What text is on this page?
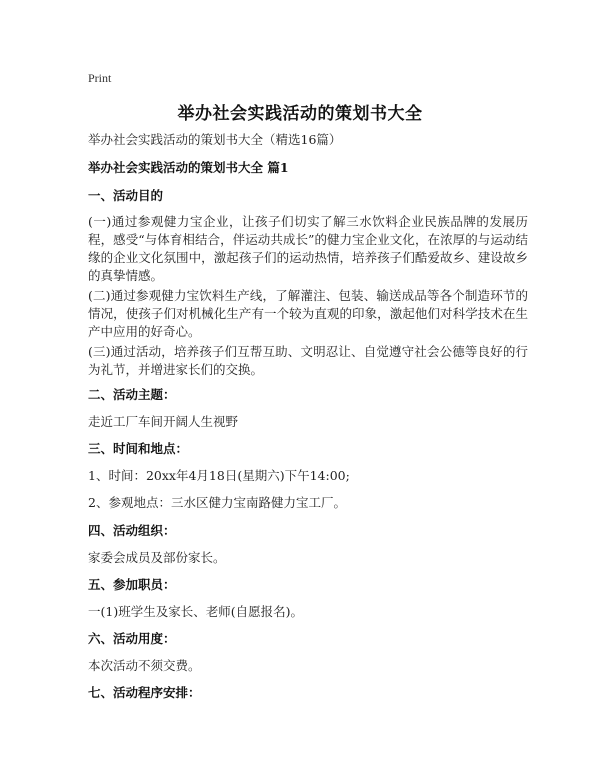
Print
举办社会实践活动的策划书大全
举办社会实践活动的策划书大全（精选16篇）
举办社会实践活动的策划书大全 篇1
一、活动目的
(一)通过参观健力宝企业，让孩子们切实了解三水饮料企业民族品牌的发展历程，感受“与体育相结合，伴运动共成长”的健力宝企业文化，在浓厚的与运动结缘的企业文化氛围中，激起孩子们的运动热情，培养孩子们酷爱故乡、建设故乡的真挚情感。
(二)通过参观健力宝饮料生产线，了解灌注、包装、输送成品等各个制造环节的情况，使孩子们对机械化生产有一个较为直观的印象，激起他们对科学技术在生产中应用的好奇心。
(三)通过活动，培养孩子们互帮互助、文明忍让、自觉遵守社会公德等良好的行为礼节，并增进家长们的交换。
二、活动主题：
走近工厂车间开阔人生视野
三、时间和地点：
1、时间：20xx年4月18日(星期六)下午14:00;
2、参观地点：三水区健力宝南路健力宝工厂。
四、活动组织：
家委会成员及部份家长。
五、参加职员：
一(1)班学生及家长、老师(自愿报名)。
六、活动用度：
本次活动不须交费。
七、活动程序安排：
